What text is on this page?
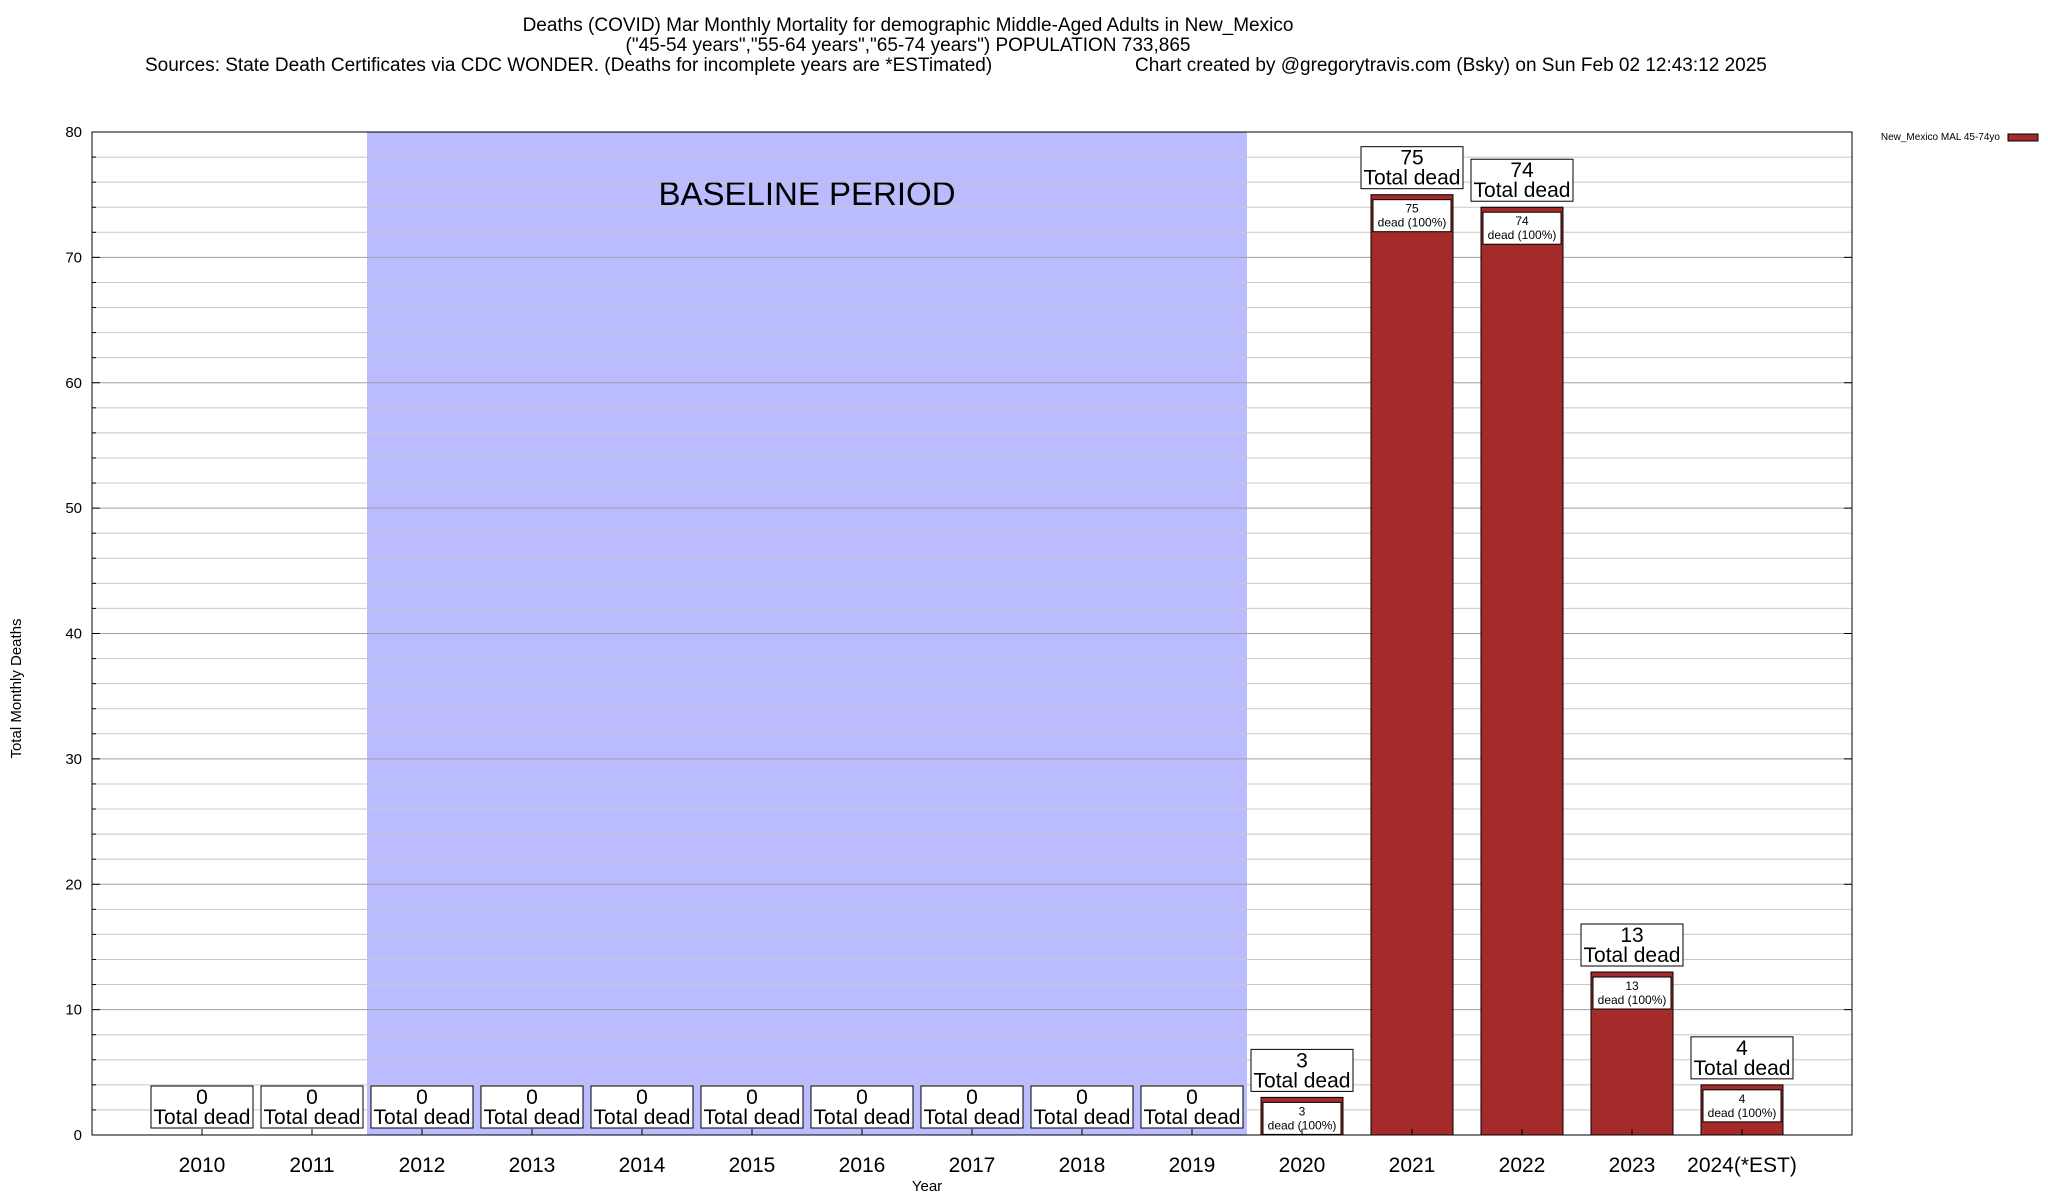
Deaths (COVID) Mar Monthly Mortality for demographic Middle-Aged Adults in New_Mexico
("45-54 years","55-64 years","65-74 years") POPULATION 733,865
Sources: State Death Certificates via CDC WONDER. (Deaths for incomplete years are *ESTimated)	Chart created by @gregorytravis.com (Bsky) on Sun Feb 02 12:43:12 2025
BASELINE PERIOD
0
Total dead
0
Total dead
0
Total dead
0
Total dead
0
Total dead
0
Total dead
0
Total dead
0
Total dead
0
Total dead
0
Total dead	3
dead (100%)
3
Total dead
75
dead (100%)
75
Total dead
74
dead (100%)
74
Total dead
13
dead (100%)
13
Total dead
4
dead (100%)
4
Total dead
0
10
20
30
40
50
60
70
80
2010	2011	2012	2013	2014	2015	2016	2017	2018	2019	2020	2021	2022	2023 2024(*EST)
Year
Total Monthly Deaths
New_Mexico MAL 45-74yo
